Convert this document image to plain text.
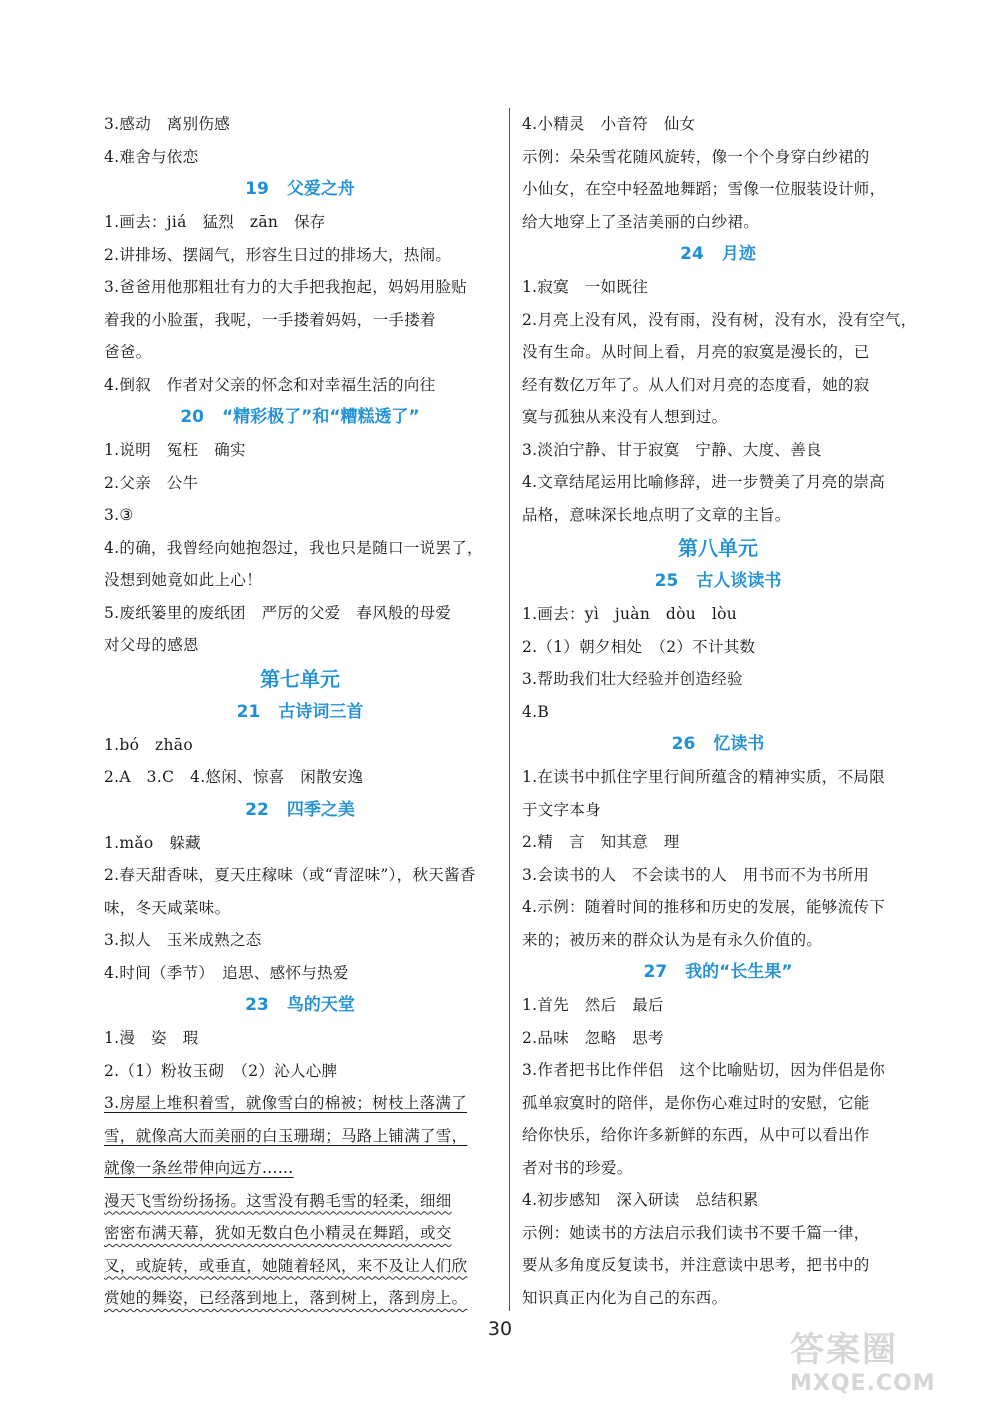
3.感动　离别伤感
4.难舍与依恋
19 父爱之舟
1.画去：jiá　猛烈　zān　保存
2.讲排场、摆阔气，形容生日过的排场大，热闹。
3.爸爸用他那粗壮有力的大手把我抱起，妈妈用脸贴
着我的小脸蛋，我呢，一手搂着妈妈，一手搂着
爸爸。
4.倒叙　作者对父亲的怀念和对幸福生活的向往
20 “精彩极了”和“糟糕透了”
1.说明　冤枉　确实
2.父亲　公牛
3.③
4.的确，我曾经向她抱怨过，我也只是随口一说罢了，
没想到她竟如此上心！
5.废纸篓里的废纸团　严厉的父爱　春风般的母爱
对父母的感恩
第七单元
21 古诗词三首
1.bó　zhāo
2.A　3.C　4.悠闲、惊喜　闲散安逸
22 四季之美
1.mǎo　躲藏
2.春天甜香味，夏天庄稼味（或“青涩味”），秋天酱香
味，冬天咸菜味。
3.拟人　玉米成熟之态
4.时间（季节）　追思、感怀与热爱
23 鸟的天堂
1.漫　姿　瑕
2.（1）粉妆玉砌　（2）沁人心脾
3.房屋上堆积着雪，就像雪白的棉被；树枝上落满了
雪，就像高大而美丽的白玉珊瑚；马路上铺满了雪，
就像一条丝带伸向远方……
漫天飞雪纷纷扬扬。这雪没有鹅毛雪的轻柔，细细
密密布满天幕，犹如无数白色小精灵在舞蹈，或交
叉，或旋转，或垂直，她随着轻风，来不及让人们欣
赏她的舞姿，已经落到地上，落到树上，落到房上。
4.小精灵　小音符　仙女
示例：朵朵雪花随风旋转，像一个个身穿白纱裙的
小仙女，在空中轻盈地舞蹈；雪像一位服装设计师，
给大地穿上了圣洁美丽的白纱裙。
24 月迹
1.寂寞　一如既往
2.月亮上没有风，没有雨，没有树，没有水，没有空气，
没有生命。从时间上看，月亮的寂寞是漫长的，已
经有数亿万年了。从人们对月亮的态度看，她的寂
寞与孤独从来没有人想到过。
3.淡泊宁静、甘于寂寞　宁静、大度、善良
4.文章结尾运用比喻修辞，进一步赞美了月亮的崇高
品格，意味深长地点明了文章的主旨。
第八单元
25 古人谈读书
1.画去：yì　juàn　dòu　lòu
2.（1）朝夕相处　（2）不计其数
3.帮助我们壮大经验并创造经验
4.B
26 忆读书
1.在读书中抓住字里行间所蕴含的精神实质，不局限
于文字本身
2.精　言　知其意　理
3.会读书的人　不会读书的人　用书而不为书所用
4.示例：随着时间的推移和历史的发展，能够流传下
来的；被历来的群众认为是有永久价值的。
27 我的“长生果”
1.首先　然后　最后
2.品味　忽略　思考
3.作者把书比作伴侣　这个比喻贴切，因为伴侣是你
孤单寂寞时的陪伴，是你伤心难过时的安慰，它能
给你快乐，给你许多新鲜的东西，从中可以看出作
者对书的珍爱。
4.初步感知　深入研读　总结积累
示例：她读书的方法启示我们读书不要千篇一律，
要从多角度反复读书，并注意读中思考，把书中的
知识真正内化为自己的东西。
30
答案圈
MXQE.COM
